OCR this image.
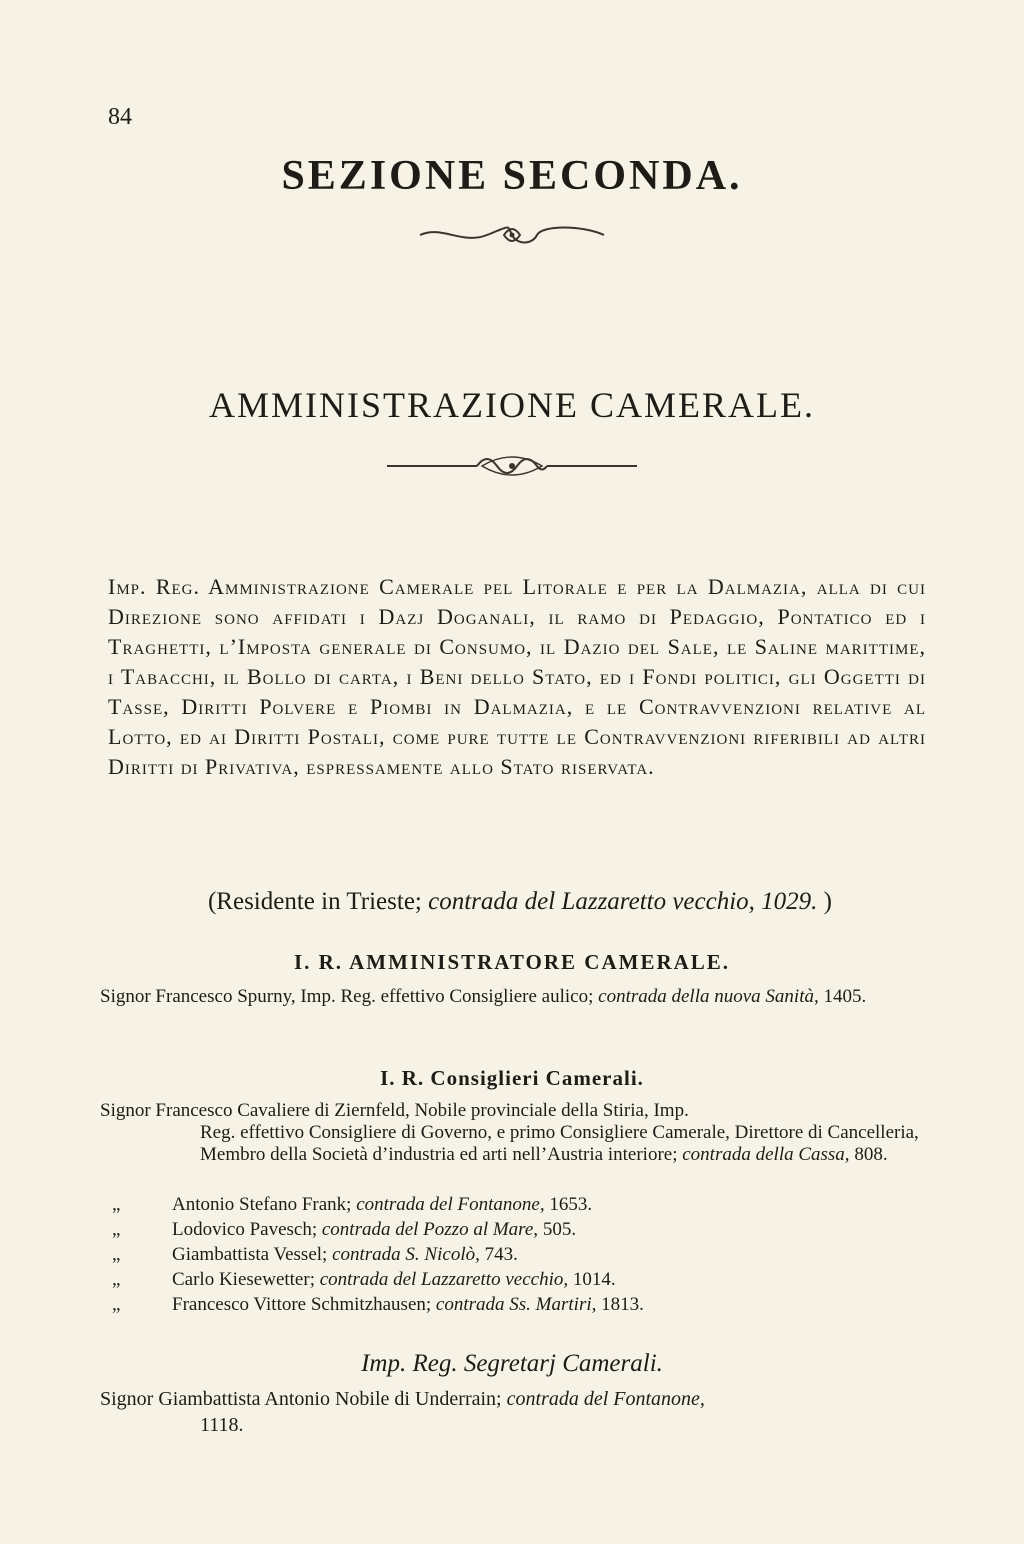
84
SEZIONE SECONDA.
AMMINISTRAZIONE CAMERALE.
Imp. Reg. Amministrazione Camerale pel Litorale e per la Dalmazia, alla di cui Direzione sono affidati i Dazj Doganali, il ramo di Pedaggio, Pontatico ed i Traghetti, l’Imposta generale di Consumo, il Dazio del Sale, le Saline marittime, i Tabacchi, il Bollo di carta, i Beni dello Stato, ed i Fondi politici, gli Oggetti di Tasse, Diritti Polvere e Piombi in Dalmazia, e le Contravvenzioni relative al Lotto, ed ai Diritti Postali, come pure tutte le Contravvenzioni riferibili ad altri Diritti di Privativa, espressamente allo Stato riservata.
(Residente in Trieste; contrada del Lazzaretto vecchio, 1029. )
I. R. AMMINISTRATORE CAMERALE.
Signor Francesco Spurny, Imp. Reg. effettivo Consigliere aulico; contrada della nuova Sanità, 1405.
I. R. Consiglieri Camerali.
Signor Francesco Cavaliere di Ziernfeld, Nobile provinciale della Stiria, Imp.
Reg. effettivo Consigliere di Governo, e primo Consigliere Camerale, Direttore di Cancelleria, Membro della Società d’industria ed arti nell’Austria interiore; contrada della Cassa, 808.
„	Antonio Stefano Frank; contrada del Fontanone, 1653.
„	Lodovico Pavesch; contrada del Pozzo al Mare, 505.
„	Giambattista Vessel; contrada S. Nicolò, 743.
„	Carlo Kiesewetter; contrada del Lazzaretto vecchio, 1014.
„	Francesco Vittore Schmitzhausen; contrada Ss. Martiri, 1813.
Imp. Reg. Segretarj Camerali.
Signor Giambattista Antonio Nobile di Underrain; contrada del Fontanone,
1118.
